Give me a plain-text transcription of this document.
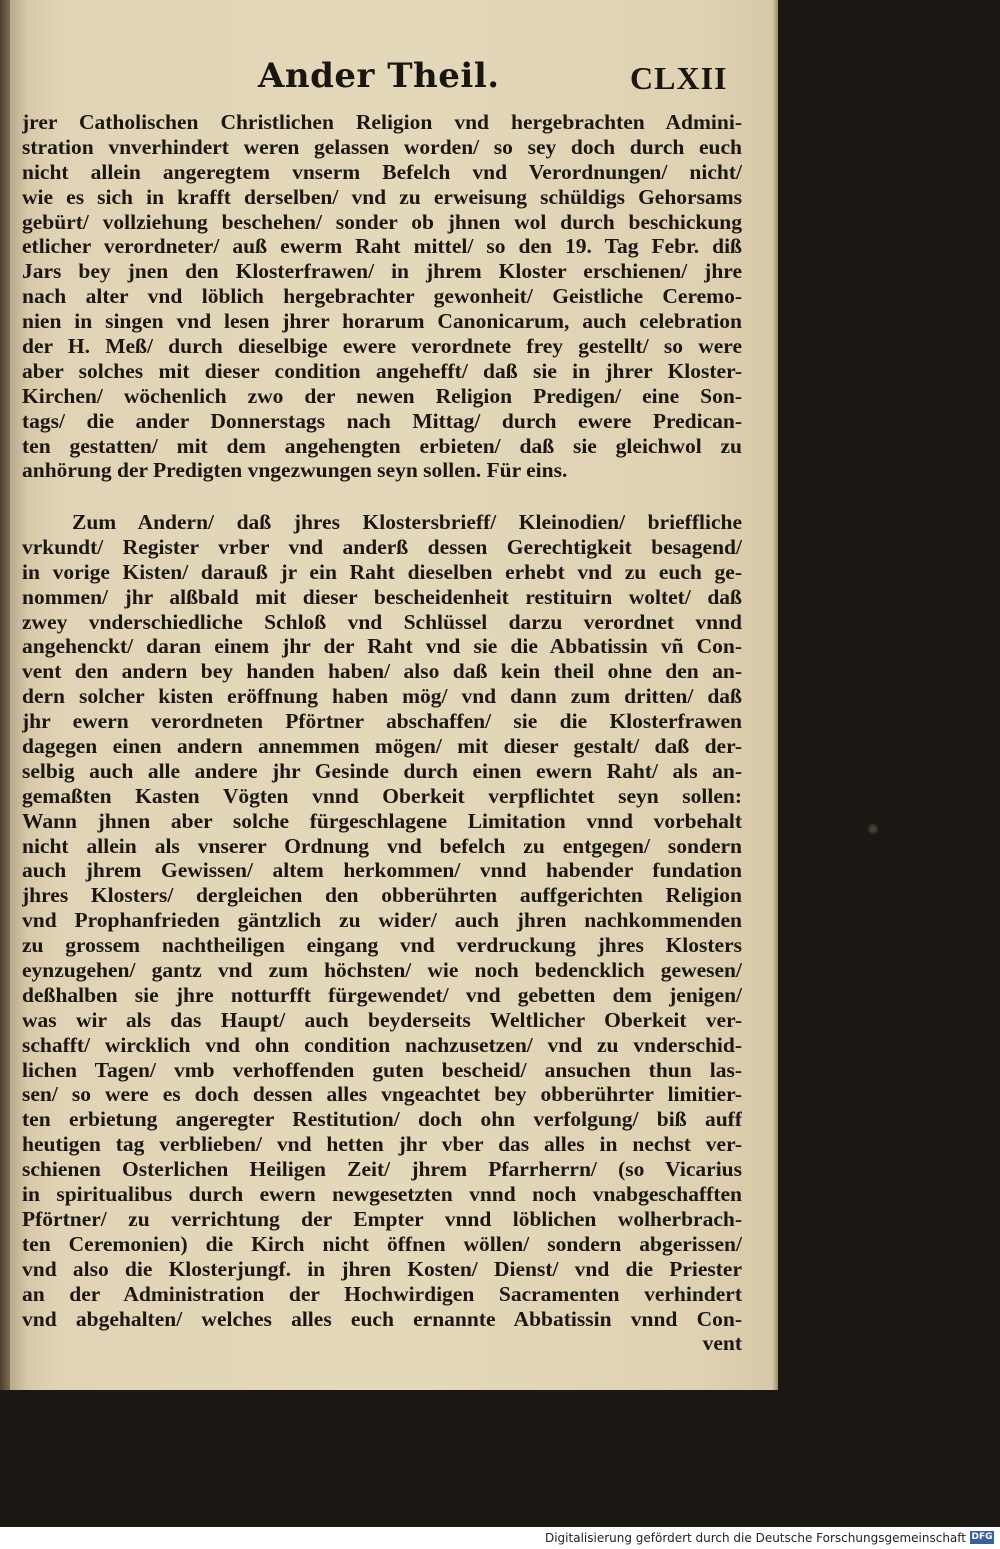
Ander Theil.	CLXII
jrer Catholischen Christlichen Religion vnd hergebrachten Admini-
stration vnverhindert weren gelassen worden/ so sey doch durch euch
nicht allein angeregtem vnserm Befelch vnd Verordnungen/ nicht/
wie es sich in krafft derselben/ vnd zu erweisung schüldigs Gehorsams
gebürt/ vollziehung beschehen/ sonder ob jhnen wol durch beschickung
etlicher verordneter/ auß ewerm Raht mittel/ so den 19. Tag Febr. diß
Jars bey jnen den Klosterfrawen/ in jhrem Kloster erschienen/ jhre
nach alter vnd löblich hergebrachter gewonheit/ Geistliche Ceremo-
nien in singen vnd lesen jhrer horarum Canonicarum, auch celebration
der H. Meß/ durch dieselbige ewere verordnete frey gestellt/ so were
aber solches mit dieser condition angehefft/ daß sie in jhrer Kloster-
Kirchen/ wöchenlich zwo der newen Religion Predigen/ eine Son-
tags/ die ander Donnerstags nach Mittag/ durch ewere Predican-
ten gestatten/ mit dem angehengten erbieten/ daß sie gleichwol zu
anhörung der Predigten vngezwungen seyn sollen. Für eins.
Zum Andern/ daß jhres Klostersbrieff/ Kleinodien/ brieffliche
vrkundt/ Register vrber vnd anderß dessen Gerechtigkeit besagend/
in vorige Kisten/ darauß jr ein Raht dieselben erhebt vnd zu euch ge-
nommen/ jhr alßbald mit dieser bescheidenheit restituirn woltet/ daß
zwey vnderschiedliche Schloß vnd Schlüssel darzu verordnet vnnd
angehenckt/ daran einem jhr der Raht vnd sie die Abbatissin vñ Con-
vent den andern bey handen haben/ also daß kein theil ohne den an-
dern solcher kisten eröffnung haben mög/ vnd dann zum dritten/ daß
jhr ewern verordneten Pförtner abschaffen/ sie die Klosterfrawen
dagegen einen andern annemmen mögen/ mit dieser gestalt/ daß der-
selbig auch alle andere jhr Gesinde durch einen ewern Raht/ als an-
gemaßten Kasten Vögten vnnd Oberkeit verpflichtet seyn sollen:
Wann jhnen aber solche fürgeschlagene Limitation vnnd vorbehalt
nicht allein als vnserer Ordnung vnd befelch zu entgegen/ sondern
auch jhrem Gewissen/ altem herkommen/ vnnd habender fundation
jhres Klosters/ dergleichen den obberührten auffgerichten Religion
vnd Prophanfrieden gäntzlich zu wider/ auch jhren nachkommenden
zu grossem nachtheiligen eingang vnd verdruckung jhres Klosters
eynzugehen/ gantz vnd zum höchsten/ wie noch bedencklich gewesen/
deßhalben sie jhre notturfft fürgewendet/ vnd gebetten dem jenigen/
was wir als das Haupt/ auch beyderseits Weltlicher Oberkeit ver-
schafft/ wircklich vnd ohn condition nachzusetzen/ vnd zu vnderschid-
lichen Tagen/ vmb verhoffenden guten bescheid/ ansuchen thun las-
sen/ so were es doch dessen alles vngeachtet bey obberührter limitier-
ten erbietung angeregter Restitution/ doch ohn verfolgung/ biß auff
heutigen tag verblieben/ vnd hetten jhr vber das alles in nechst ver-
schienen Osterlichen Heiligen Zeit/ jhrem Pfarrherrn/ (so Vicarius
in spiritualibus durch ewern newgesetzten vnnd noch vnabgeschafften
Pförtner/ zu verrichtung der Empter vnnd löblichen wolherbrach-
ten Ceremonien) die Kirch nicht öffnen wöllen/ sondern abgerissen/
vnd also die Klosterjungf. in jhren Kosten/ Dienst/ vnd die Priester
an der Administration der Hochwirdigen Sacramenten verhindert
vnd abgehalten/ welches alles euch ernannte Abbatissin vnnd Con-
vent
Digitalisierung gefördert durch die Deutsche Forschungsgemeinschaft DFG
